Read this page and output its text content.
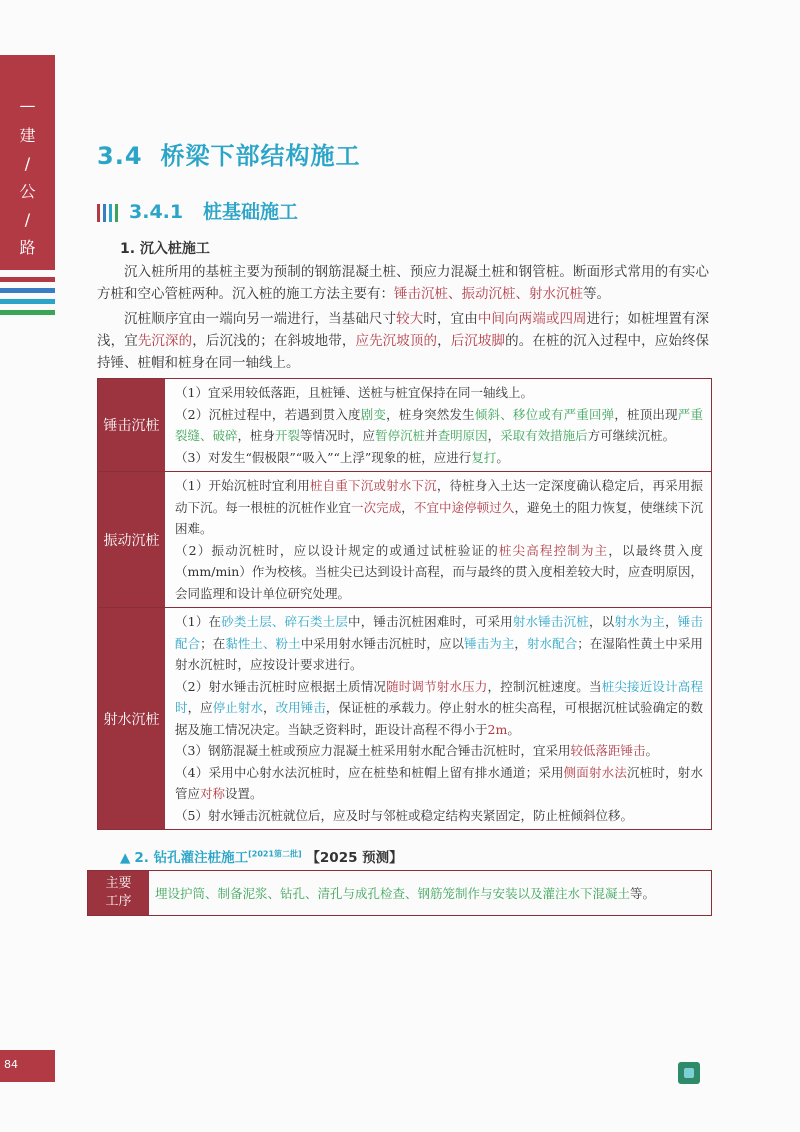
—
建
/
公
/
路
3.4 桥梁下部结构施工
3.4.1 桩基础施工
1. 沉入桩施工
沉入桩所用的基桩主要为预制的钢筋混凝土桩、预应力混凝土桩和钢管桩。断面形式常用的有实心方桩和空心管桩两种。沉入桩的施工方法主要有：锤击沉桩、振动沉桩、射水沉桩等。
沉桩顺序宜由一端向另一端进行，当基础尺寸较大时，宜由中间向两端或四周进行；如桩埋置有深浅，宜先沉深的，后沉浅的；在斜坡地带，应先沉坡顶的，后沉坡脚的。在桩的沉入过程中，应始终保持锤、桩帽和桩身在同一轴线上。
锤击沉桩

（1）宜采用较低落距，且桩锤、送桩与桩宜保持在同一轴线上。

（2）沉桩过程中，若遇到贯入度剧变，桩身突然发生倾斜、移位或有严重回弹，桩顶出现严重裂缝、破碎，桩身开裂等情况时，应暂停沉桩并查明原因，采取有效措施后方可继续沉桩。

（3）对发生“假极限”“吸入”“上浮”现象的桩，应进行复打。

振动沉桩

（1）开始沉桩时宜利用桩自重下沉或射水下沉，待桩身入土达一定深度确认稳定后，再采用振动下沉。每一根桩的沉桩作业宜一次完成，不宜中途停顿过久，避免土的阻力恢复，使继续下沉困难。

（2）振动沉桩时，应以设计规定的或通过试桩验证的桩尖高程控制为主，以最终贯入度（mm/min）作为校核。当桩尖已达到设计高程，而与最终的贯入度相差较大时，应查明原因，会同监理和设计单位研究处理。

射水沉桩

（1）在砂类土层、碎石类土层中，锤击沉桩困难时，可采用射水锤击沉桩，以射水为主，锤击配合；在黏性土、粉土中采用射水锤击沉桩时，应以锤击为主，射水配合；在湿陷性黄土中采用射水沉桩时，应按设计要求进行。

（2）射水锤击沉桩时应根据土质情况随时调节射水压力，控制沉桩速度。当桩尖接近设计高程时，应停止射水，改用锤击，保证桩的承载力。停止射水的桩尖高程，可根据沉桩试验确定的数据及施工情况决定。当缺乏资料时，距设计高程不得小于2m。

（3）钢筋混凝土桩或预应力混凝土桩采用射水配合锤击沉桩时，宜采用较低落距锤击。

（4）采用中心射水法沉桩时，应在桩垫和桩帽上留有排水通道；采用侧面射水法沉桩时，射水管应对称设置。

（5）射水锤击沉桩就位后，应及时与邻桩或稳定结构夹紧固定，防止桩倾斜位移。

▲ 2. 钻孔灌注桩施工[2021第二批] 【2025 预测】
主要
工序
埋设护筒、制备泥浆、钻孔、清孔与成孔检查、钢筋笼制作与安装以及灌注水下混凝土 等。
84
